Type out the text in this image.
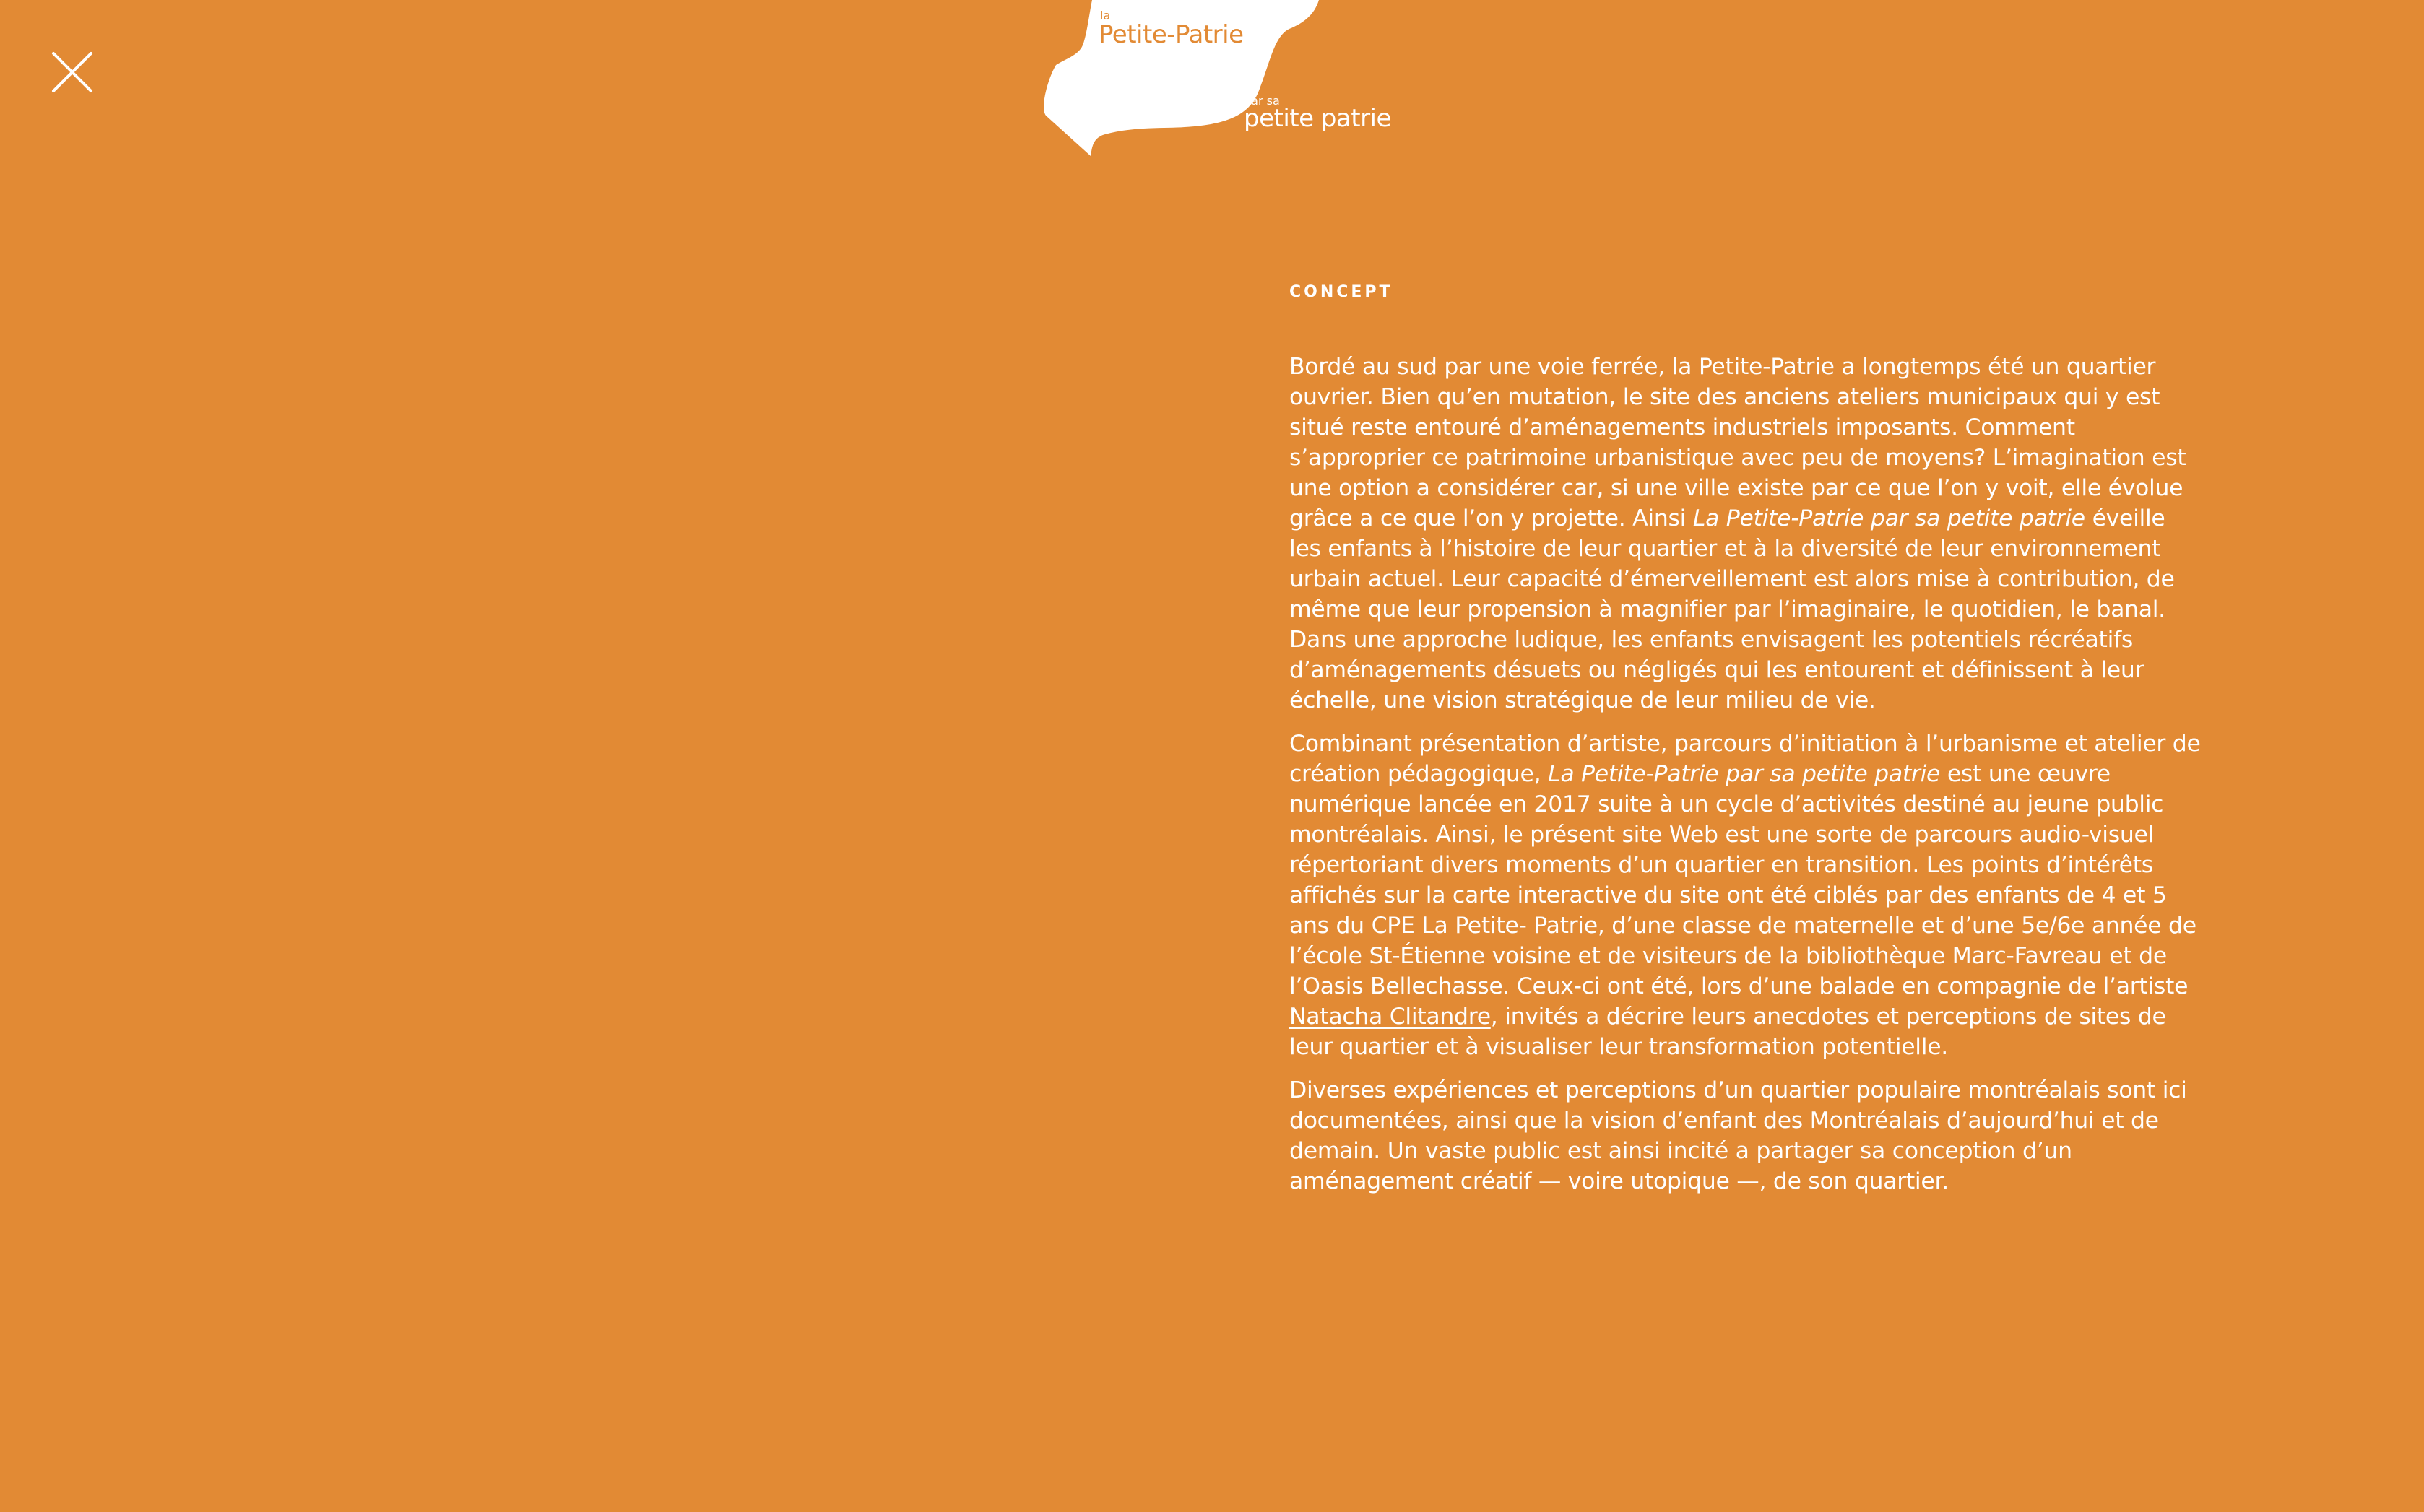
la
Petite-Patrie
par sa
petite patrie
CONCEPT

Bordé au sud par une voie ferrée, la Petite-Patrie a longtemps été un quartier ouvrier. Bien qu’en mutation, le site des anciens ateliers municipaux qui y est situé reste entouré d’aménagements industriels imposants. Comment s’approprier ce patrimoine urbanistique avec peu de moyens? L’imagination est une option a considérer car, si une ville existe par ce que l’on y voit, elle évolue grâce a ce que l’on y projette. Ainsi La Petite-Patrie par sa petite patrie éveille les enfants à l’histoire de leur quartier et à la diversité de leur environnement urbain actuel. Leur capacité d’émerveillement est alors mise à contribution, de même que leur propension à magnifier par l’imaginaire, le quotidien, le banal. Dans une approche ludique, les enfants envisagent les potentiels récréatifs d’aménagements désuets ou négligés qui les entourent et définissent à leur échelle, une vision stratégique de leur milieu de vie.

Combinant présentation d’artiste, parcours d’initiation à l’urbanisme et atelier de création pédagogique, La Petite-Patrie par sa petite patrie est une œuvre numérique lancée en 2017 suite à un cycle d’activités destiné au jeune public montréalais. Ainsi, le présent site Web est une sorte de parcours audio-visuel répertoriant divers moments d’un quartier en transition. Les points d’intérêts affichés sur la carte interactive du site ont été ciblés par des enfants de 4 et 5 ans du CPE La Petite- Patrie, d’une classe de maternelle et d’une 5e/6e année de l’école St-Étienne voisine et de visiteurs de la bibliothèque Marc-Favreau et de l’Oasis Bellechasse. Ceux-ci ont été, lors d’une balade en compagnie de l’artiste Natacha Clitandre, invités a décrire leurs anecdotes et perceptions de sites de leur quartier et à visualiser leur transformation potentielle.

Diverses expériences et perceptions d’un quartier populaire montréalais sont ici documentées, ainsi que la vision d’enfant des Montréalais d’aujourd’hui et de demain. Un vaste public est ainsi incité a partager sa conception d’un aménagement créatif — voire utopique —, de son quartier.
